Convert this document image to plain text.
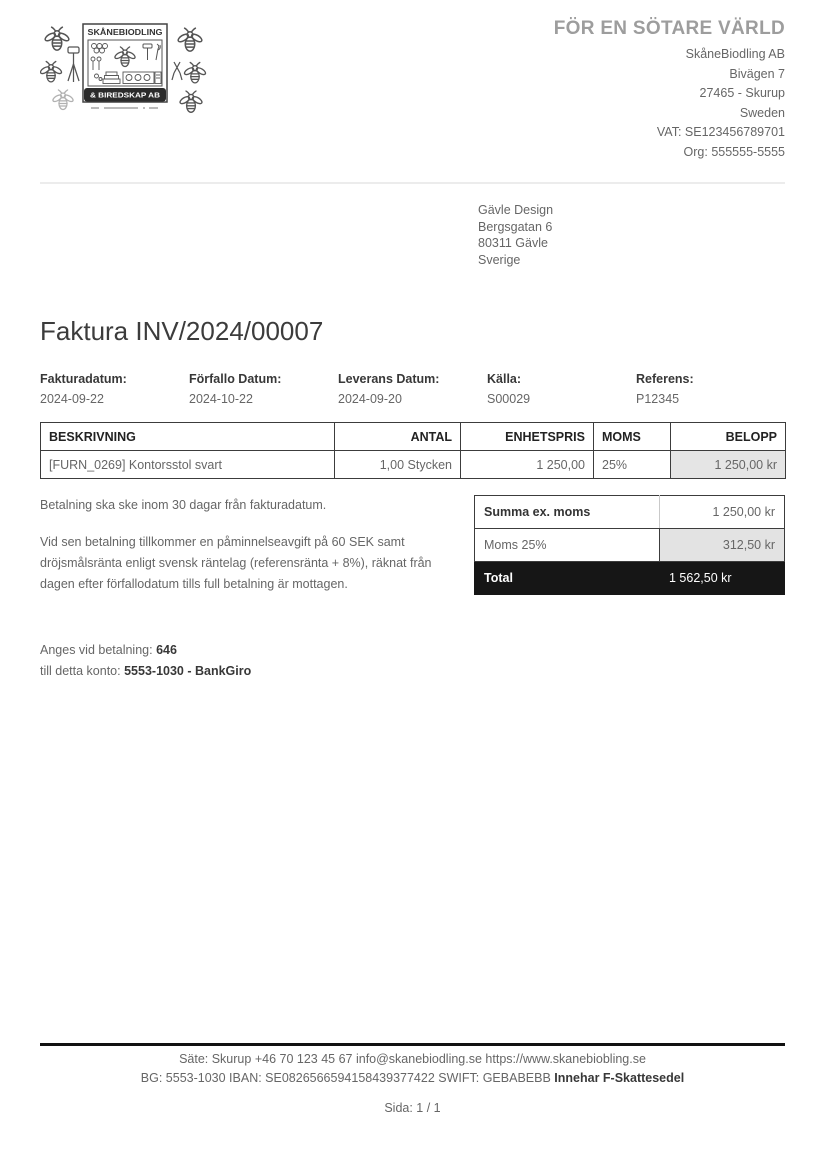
SKÅNEBIODLING
& BIREDSKAP AB
FÖR EN SÖTARE VÄRLD
SkåneBiodling AB
Bivägen 7
27465 - Skurup
Sweden
VAT: SE123456789701
Org: 555555-5555
Gävle Design
Bergsgatan 6
80311 Gävle
Sverige
Faktura INV/2024/00007
Fakturadatum:
2024-09-22
Förfallo Datum:
2024-10-22
Leverans Datum:
2024-09-20
Källa:
S00029
Referens:
P12345
BESKRIVNING	ANTAL	ENHETSPRIS	MOMS	BELOPP
[FURN_0269] Kontorsstol svart	1,00 Stycken	1 250,00	25%	1 250,00 kr

Betalning ska ske inom 30 dagar från fakturadatum.

Vid sen betalning tillkommer en påminnelseavgift på 60 SEK samt dröjsmålsränta enligt svensk räntelag (referensränta + 8%), räknat från dagen efter förfallodatum tills full betalning är mottagen.

Summa ex. moms	1 250,00 kr
Moms 25%	312,50 kr
Total	1 562,50 kr
Anges vid betalning: 646
till detta konto: 5553-1030 - BankGiro
Säte: Skurup +46 70 123 45 67 info@skanebiodling.se https://www.skanebiobling.se
BG: 5553-1030 IBAN: SE0826566594158439377422 SWIFT: GEBABEBB Innehar F-Skattesedel
Sida: 1 / 1
